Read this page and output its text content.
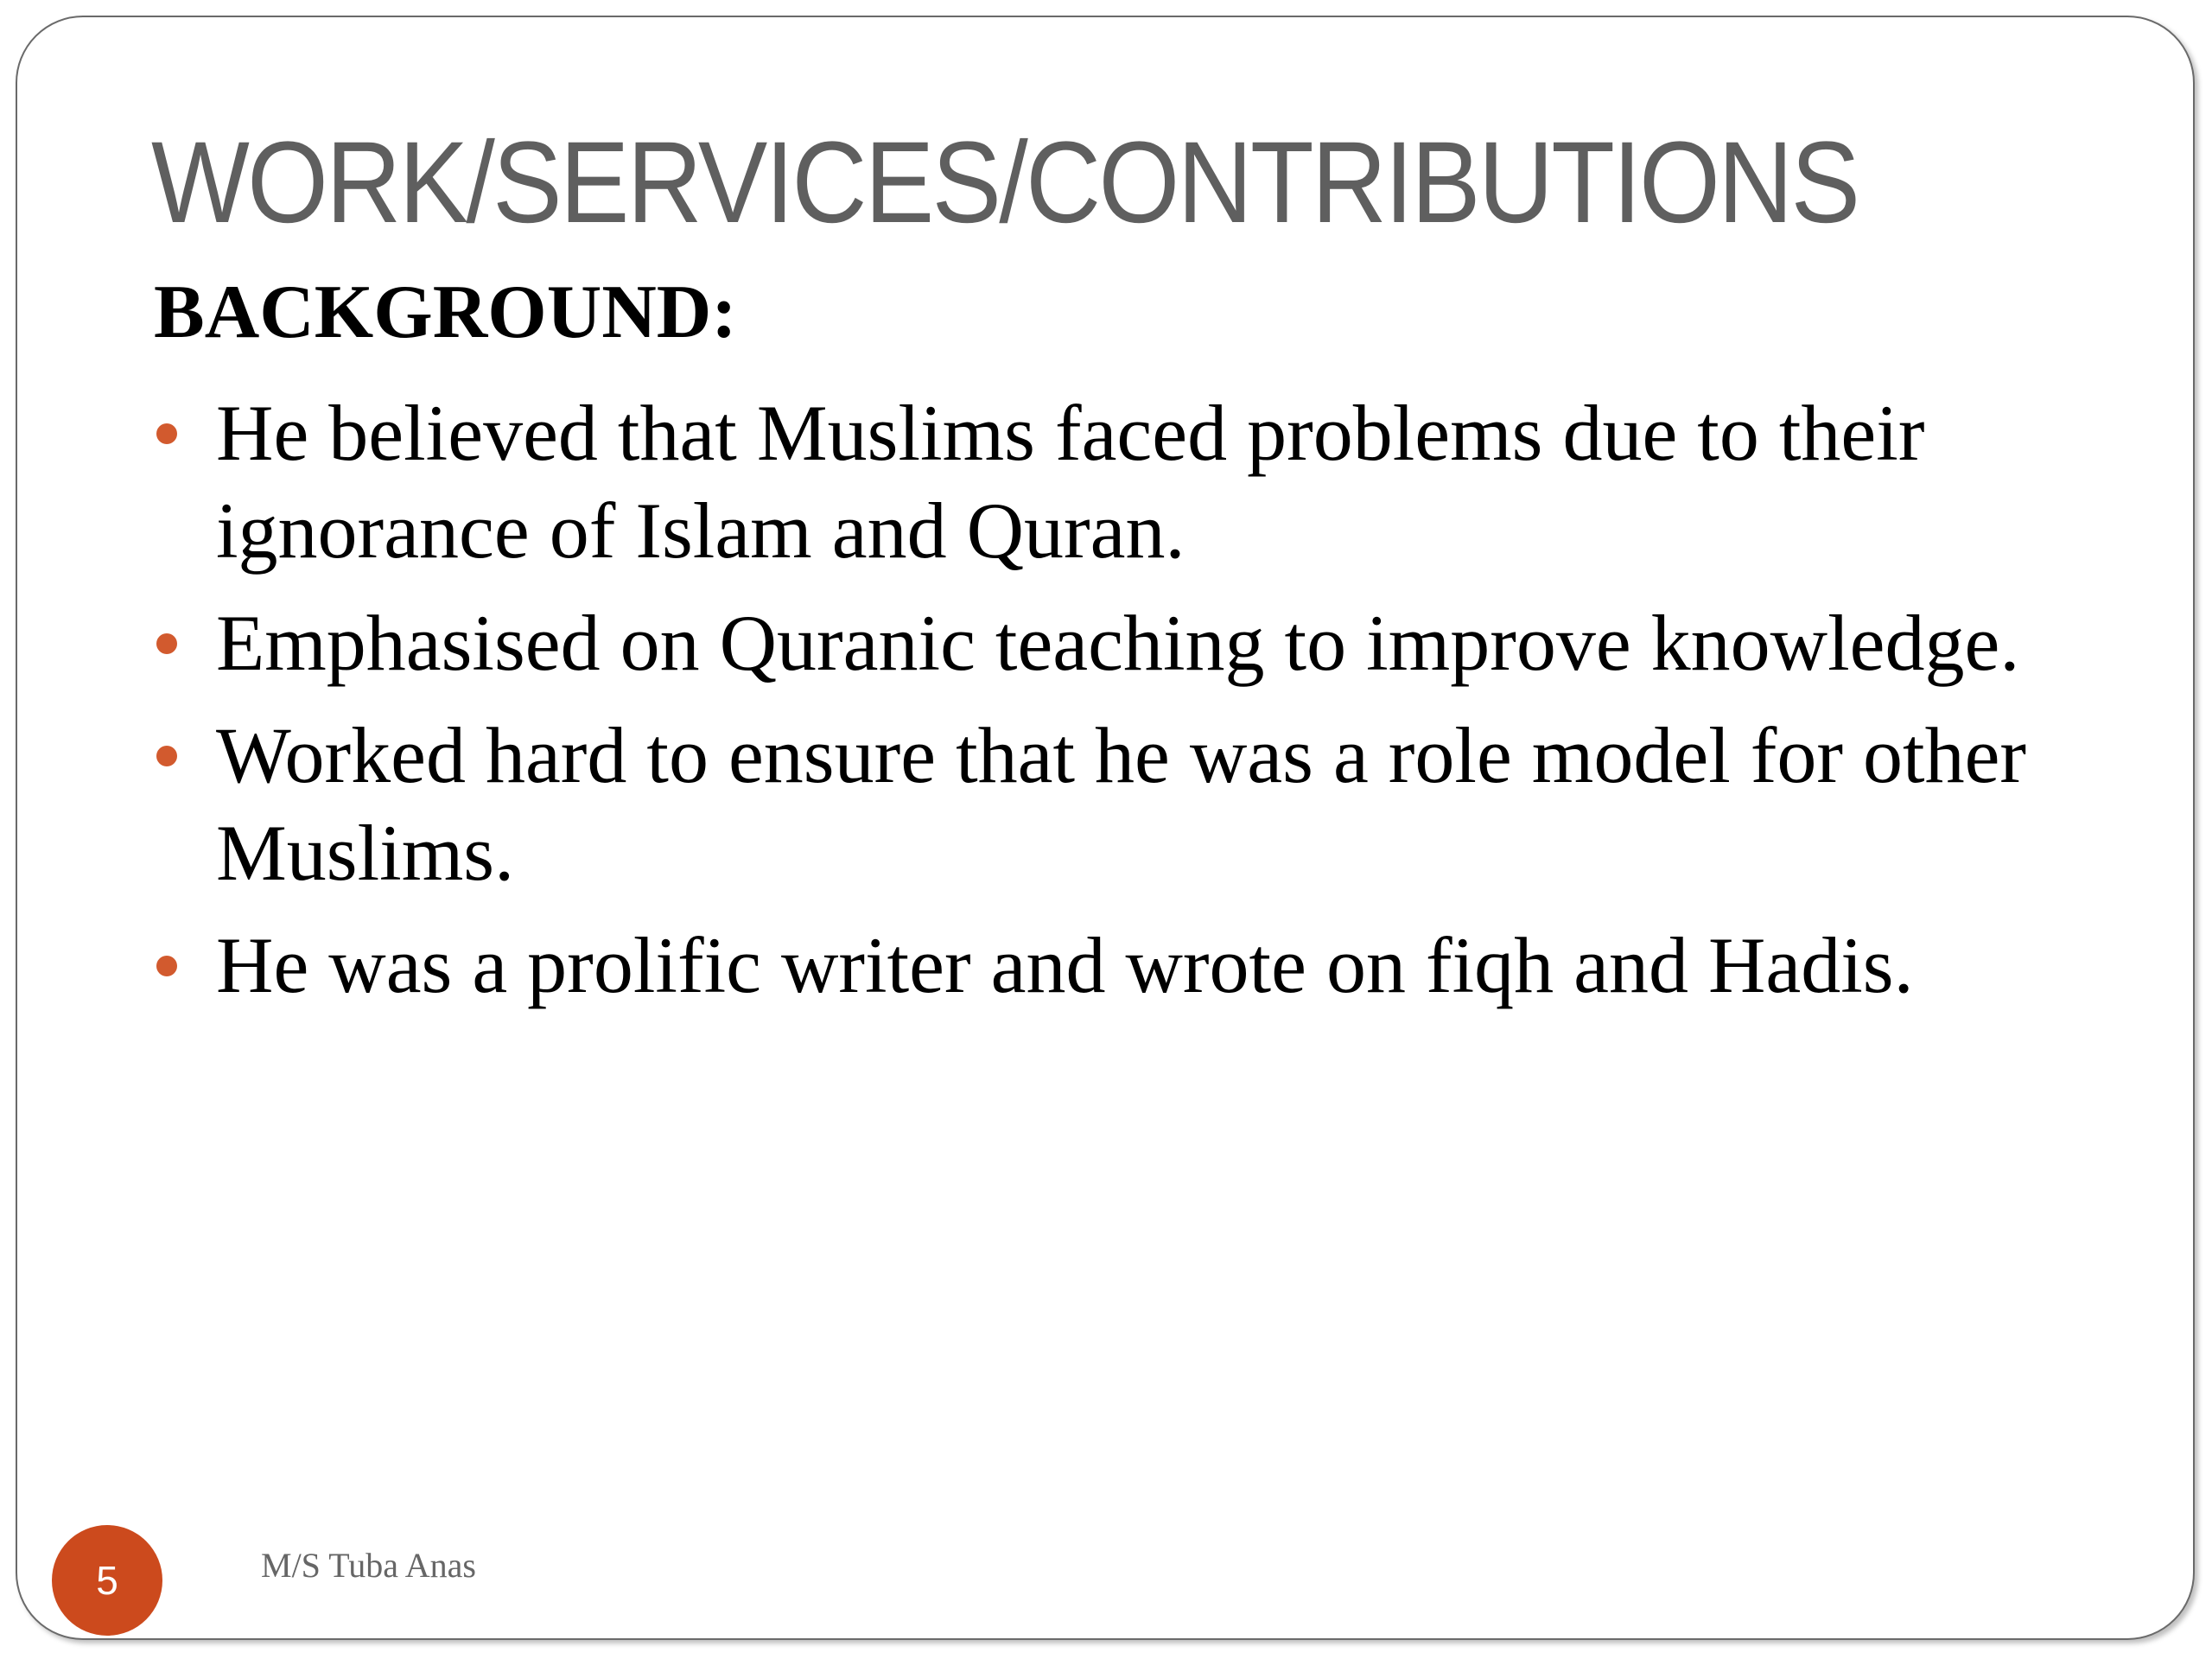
WORK/SERVICES/CONTRIBUTIONS
BACKGROUND:
He believed that Muslims faced problems due to their ignorance of Islam and Quran.
Emphasised on Quranic teaching to improve knowledge.
Worked hard to ensure that he was a role model for other Muslims.
He was a prolific writer and wrote on fiqh and Hadis.
5	M/S Tuba Anas
